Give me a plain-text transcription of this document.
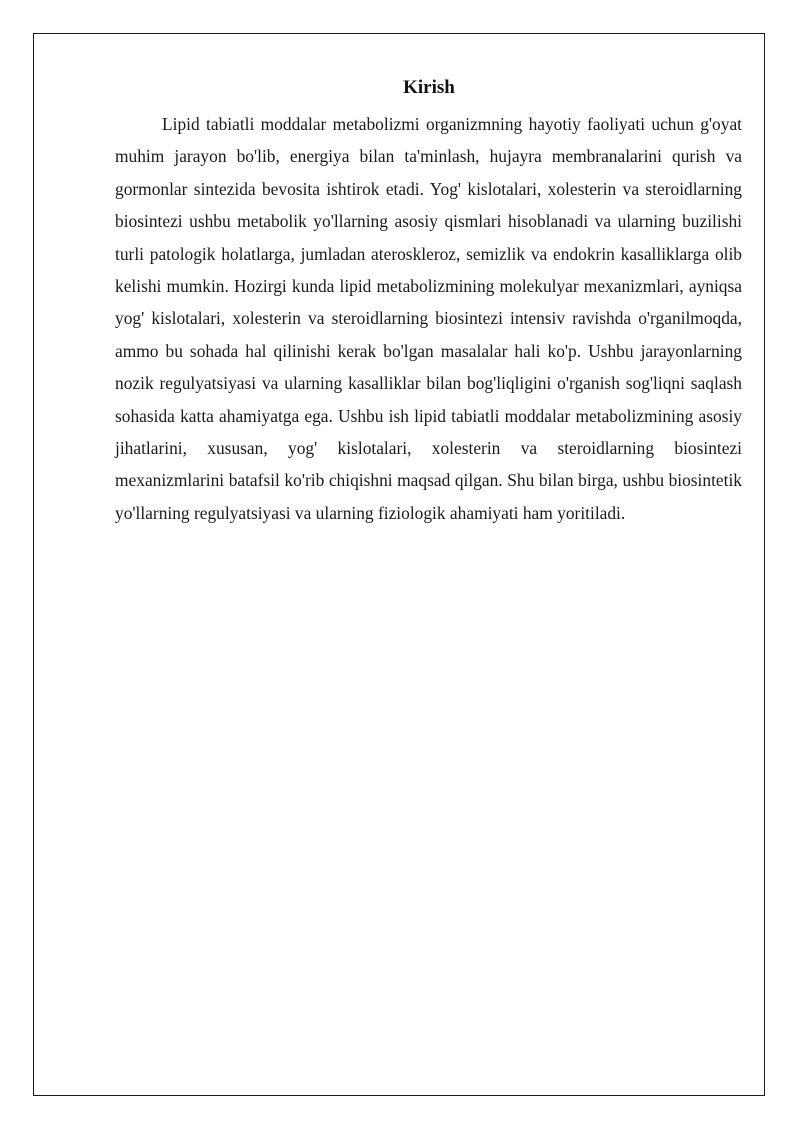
Kirish

Lipid tabiatli moddalar metabolizmi organizmning hayotiy faoliyati uchun g'oyat muhim jarayon bo'lib, energiya bilan ta'minlash, hujayra membranalarini qurish va gormonlar sintezida bevosita ishtirok etadi. Yog' kislotalari, xolesterin va steroidlarning biosintezi ushbu metabolik yo'llarning asosiy qismlari hisoblanadi va ularning buzilishi turli patologik holatlarga, jumladan ateroskleroz, semizlik va endokrin kasalliklarga olib kelishi mumkin. Hozirgi kunda lipid metabolizmining molekulyar mexanizmlari, ayniqsa yog' kislotalari, xolesterin va steroidlarning biosintezi intensiv ravishda o'rganilmoqda, ammo bu sohada hal qilinishi kerak bo'lgan masalalar hali ko'p. Ushbu jarayonlarning nozik regulyatsiyasi va ularning kasalliklar bilan bog'liqligini o'rganish sog'liqni saqlash sohasida katta ahamiyatga ega. Ushbu ish lipid tabiatli moddalar metabolizmining asosiy jihatlarini, xususan, yog' kislotalari, xolesterin va steroidlarning biosintezi mexanizmlarini batafsil ko'rib chiqishni maqsad qilgan. Shu bilan birga, ushbu biosintetik yo'llarning regulyatsiyasi va ularning fiziologik ahamiyati ham yoritiladi.
